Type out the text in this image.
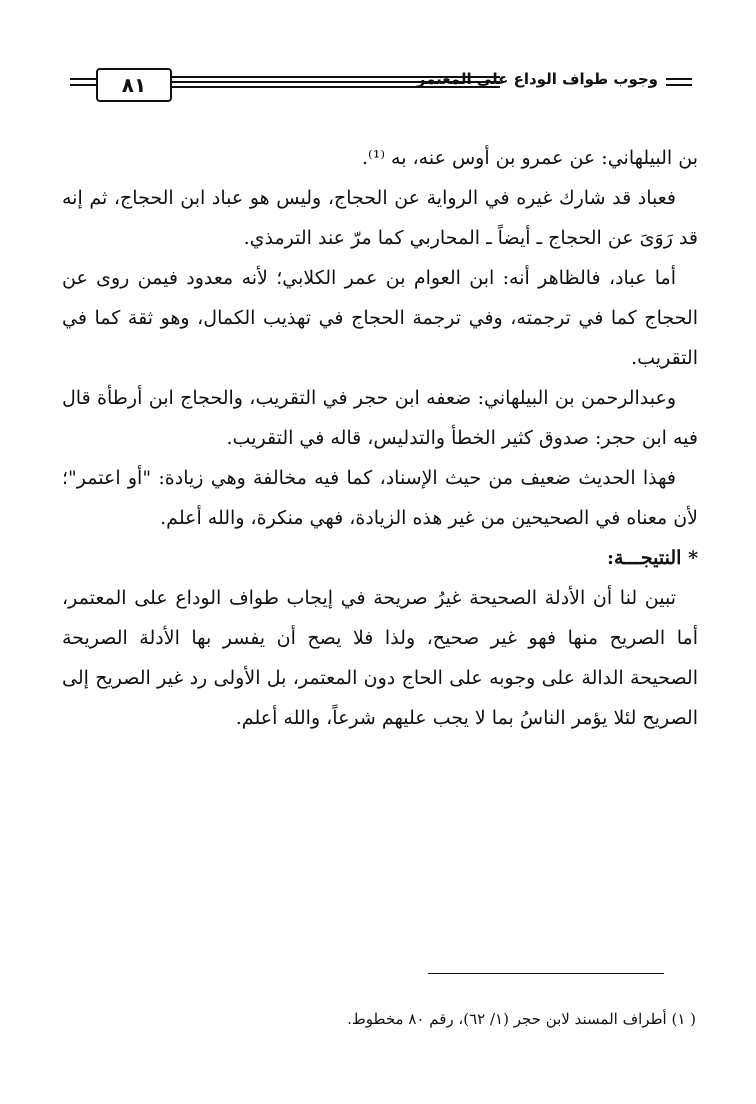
٨١	وجوب طواف الوداع على المعتمر

بن البيلهاني: عن عمرو بن أوس عنه، به ⁽¹⁾.

فعباد قد شارك غيره في الرواية عن الحجاج، وليس هو عباد ابن الحجاج، ثم إنه قد رَوَىَ عن الحجاج ـ أيضاً ـ المحاربي كما مرّ عند الترمذي.

أما عباد، فالظاهر أنه: ابن العوام بن عمر الكلابي؛ لأنه معدود فيمن روى عن الحجاج كما في ترجمته، وفي ترجمة الحجاج في تهذيب الكمال، وهو ثقة كما في التقريب.

وعبدالرحمن بن البيلهاني: ضعفه ابن حجر في التقريب، والحجاج ابن أرطأة قال فيه ابن حجر: صدوق كثير الخطأ والتدليس، قاله في التقريب.

فهذا الحديث ضعيف من حيث الإسناد، كما فيه مخالفة وهي زيادة: "أو اعتمر"؛ لأن معناه في الصحيحين من غير هذه الزيادة، فهي منكرة، والله أعلم.

* النتيجـــة:

تبين لنا أن الأدلة الصحيحة غيرُ صريحة في إيجاب طواف الوداع على المعتمر، أما الصريح منها فهو غير صحيح، ولذا فلا يصح أن يفسر بها الأدلة الصريحة الصحيحة الدالة على وجوبه على الحاج دون المعتمر، بل الأولى رد غير الصريح إلى الصريح لئلا يؤمر الناسُ بما لا يجب عليهم شرعاً، والله أعلم.

( ١) أطراف المسند لابن حجر (١/ ٦٢)، رقم ٨٠ مخطوط.
